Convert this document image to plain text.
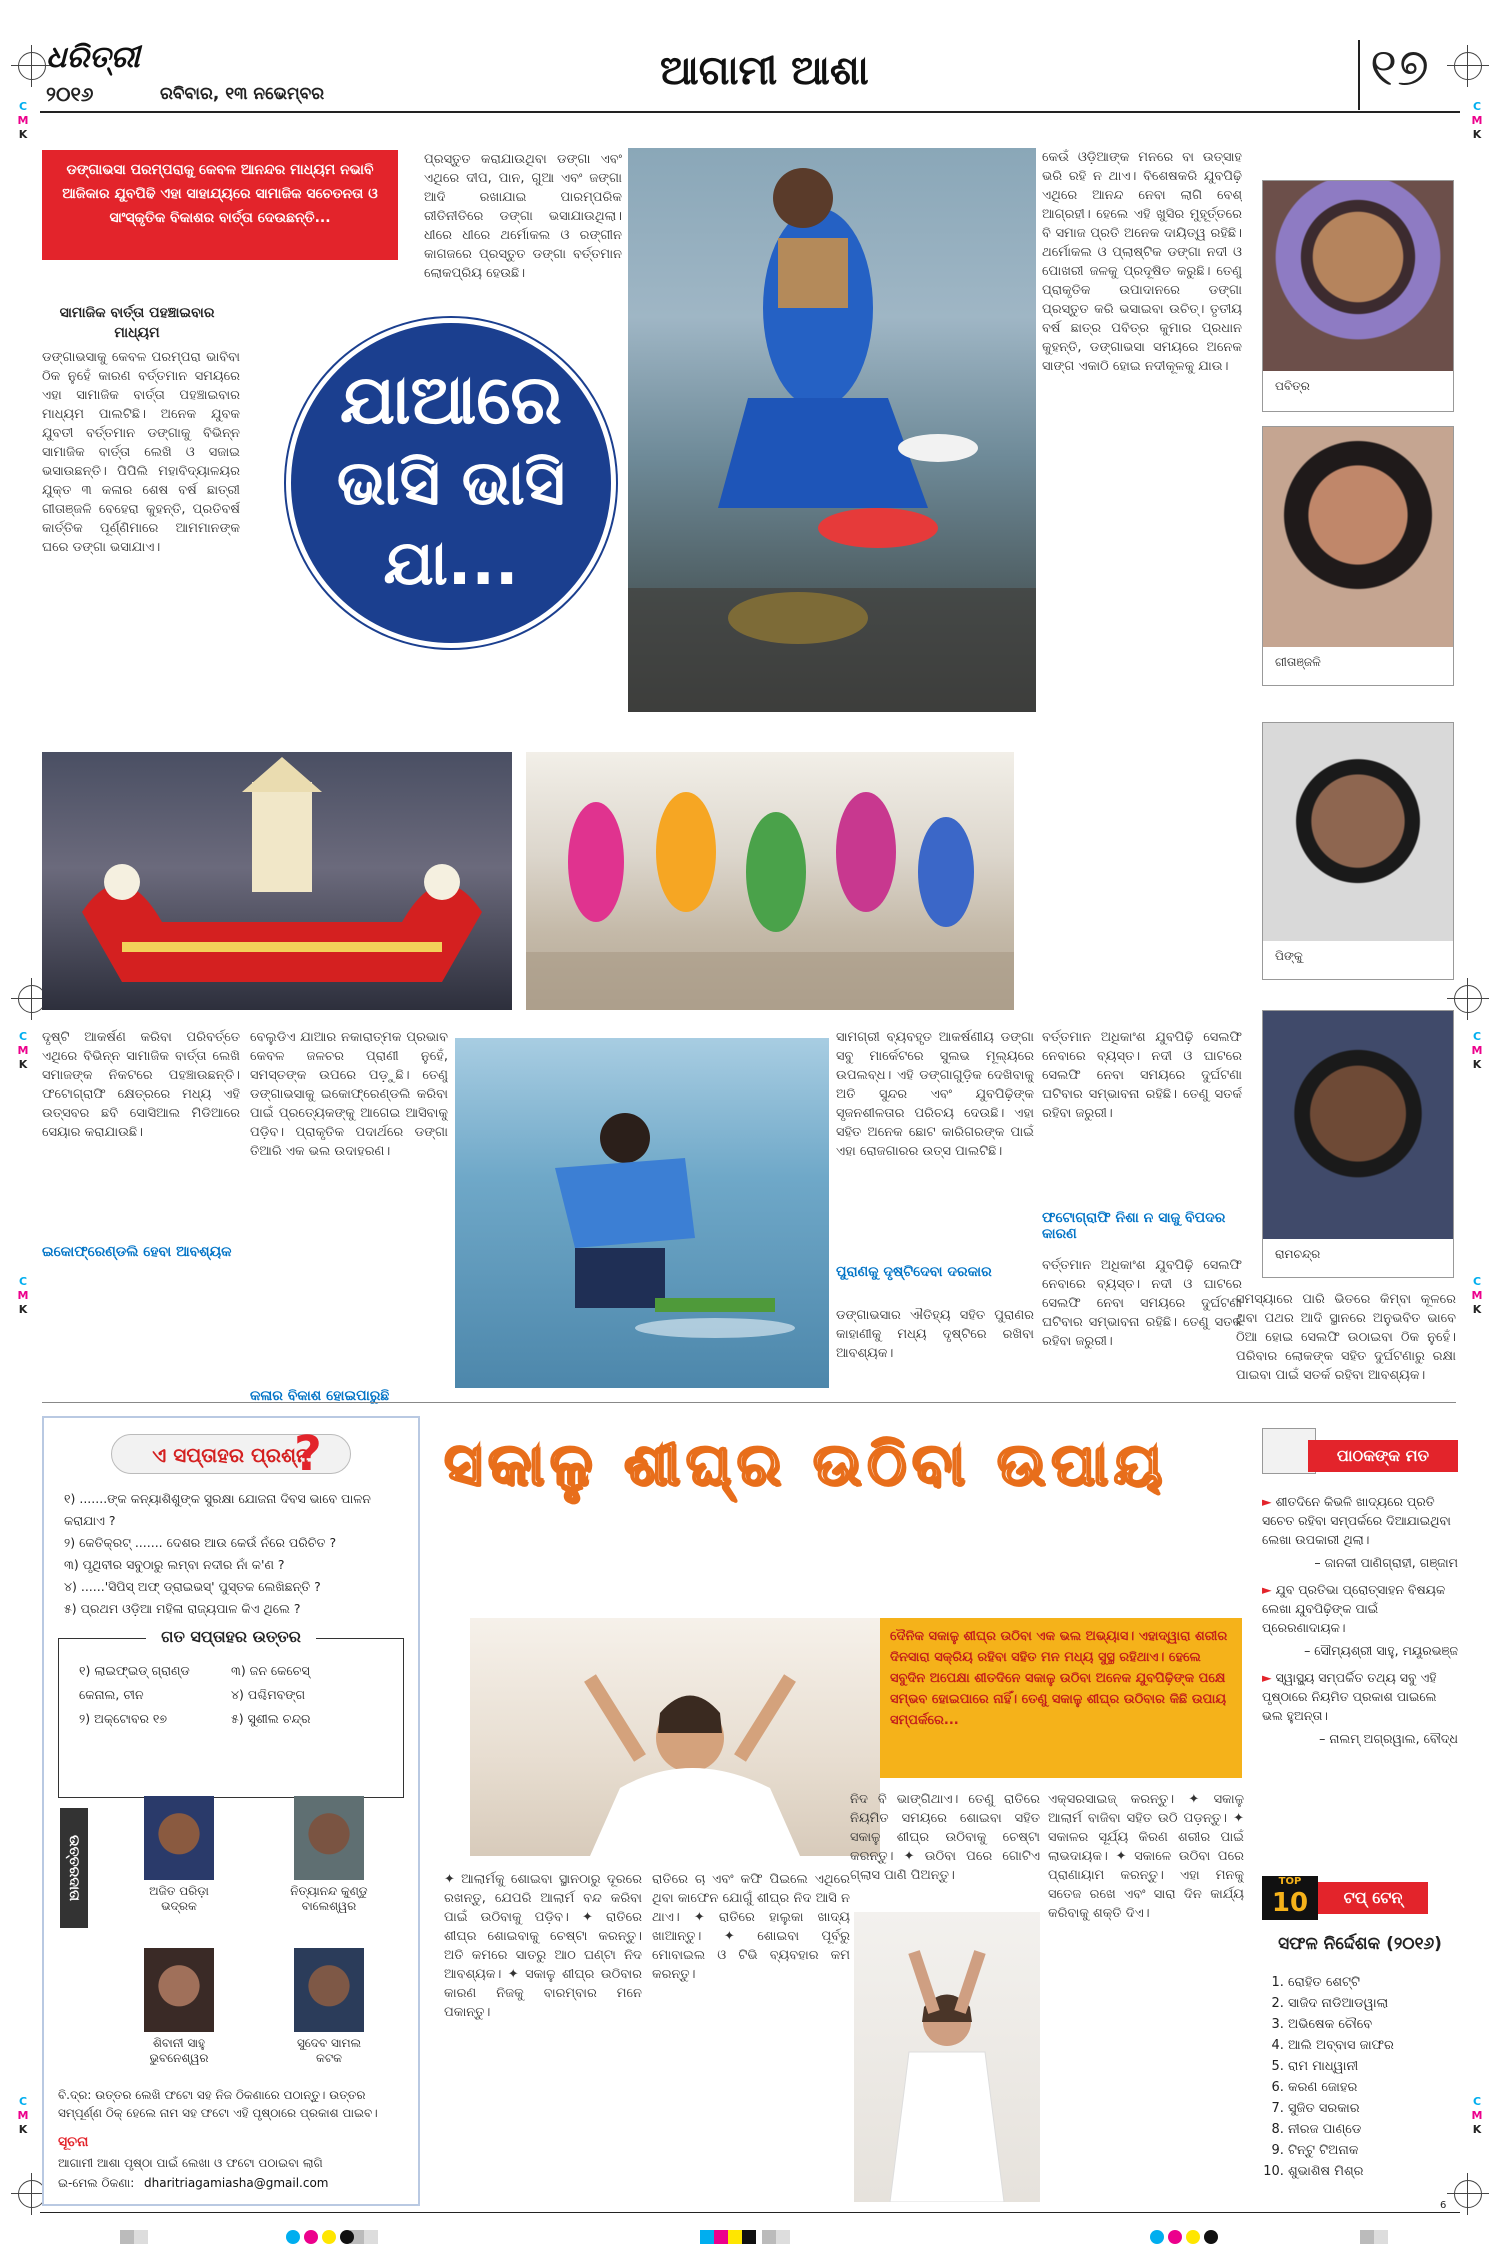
C
M
K
C
M
K
C
M
K
C
M
K
C
M
K
C
M
K
C
M
K
C
M
K
ଧରିତ୍ରୀ
୨୦୧୬	ରବିବାର, ୧୩ ନଭେମ୍ବର	ଆଗାମୀ ଆଶା	୧୭
ଡଙ୍ଗାଭସା ପରମ୍ପରାକୁ କେବଳ ଆନନ୍ଦର ମାଧ୍ୟମ ନଭାବି ଆଜିକାର ଯୁବପିଢି ଏହା ସାହାଯ୍ୟରେ ସାମାଜିକ ସଚେତନତା ଓ ସାଂସ୍କୃତିକ ବିକାଶର ବାର୍ତ୍ତା ଦେଉଛନ୍ତି...
ସାମାଜିକ ବାର୍ତ୍ତା ପହଞ୍ଚାଇବାର ମାଧ୍ୟମ
ଡଙ୍ଗାଭସାକୁ କେବଳ ପରମ୍ପରା ଭାବିବା ଠିକ ନୁହେଁ କାରଣ ବର୍ତ୍ତମାନ ସମୟରେ ଏହା ସାମାଜିକ ବାର୍ତ୍ତା ପହଞ୍ଚାଇବାର ମାଧ୍ୟମ ପାଲଟିଛି। ଅନେକ ଯୁବକ ଯୁବତୀ ବର୍ତ୍ତମାନ ଡଙ୍ଗାକୁ ବିଭିନ୍ନ ସାମାଜିକ ବାର୍ତ୍ତା ଲେଖି ଓ ସଜାଇ ଭସାଉଛନ୍ତି। ପିପିଲି ମହାବିଦ୍ୟାଳୟର ଯୁକ୍ତ ୩ କଳାର ଶେଷ ବର୍ଷ ଛାତ୍ରୀ ଗୀତାଞ୍ଜଳି ବେହେରା କୁହନ୍ତି, ପ୍ରତିବର୍ଷ କାର୍ତ୍ତିକ ପୂର୍ଣ୍ଣିମାରେ ଆମମାନଙ୍କ ଘରେ ଡଙ୍ଗା ଭସାଯାଏ।
ଯାଆରେ
ଭାସି ଭାସି
ଯା...
ପ୍ରସ୍ତୁତ କରାଯାଉଥିବା ଡଙ୍ଗା ଏବଂ ଏଥିରେ ଦୀପ, ପାନ, ଗୁଆ ଏବଂ ଜଙ୍ଗା ଆଦି ରଖାଯାଇ ପାରମ୍ପରିକ ରୀତିନୀତିରେ ଡଙ୍ଗା ଭସାଯାଉଥିଲା। ଧୀରେ ଧୀରେ ଥର୍ମୋକଲ ଓ ରଙ୍ଗୀନ କାଗଜରେ ପ୍ରସ୍ତୁତ ଡଙ୍ଗା ବର୍ତ୍ତମାନ ଲୋକପ୍ରିୟ ହେଉଛି।
କେଉଁ ଓଡ଼ିଆଙ୍କ ମନରେ ବା ଉତ୍ସାହ ଭରି ରହି ନ ଥାଏ। ବିଶେଷକରି ଯୁବପିଢ଼ି ଏଥିରେ ଆନନ୍ଦ ନେବା ଲାଗି ବେଶ୍ ଆଗ୍ରହୀ। ହେଲେ ଏହି ଖୁସିର ମୁହୂର୍ତ୍ତରେ ବି ସମାଜ ପ୍ରତି ଅନେକ ଦାୟିତ୍ୱ ରହିଛି। ଥର୍ମୋକଲ ଓ ପ୍ଲାଷ୍ଟିକ ଡଙ୍ଗା ନଦୀ ଓ ପୋଖରୀ ଜଳକୁ ପ୍ରଦୂଷିତ କରୁଛି। ତେଣୁ ପ୍ରାକୃତିକ ଉପାଦାନରେ ଡଙ୍ଗା ପ୍ରସ୍ତୁତ କରି ଭସାଇବା ଉଚିତ୍। ତୃତୀୟ ବର୍ଷ ଛାତ୍ର ପବିତ୍ର କୁମାର ପ୍ରଧାନ କୁହନ୍ତି, ଡଙ୍ଗାଭସା ସମୟରେ ଅନେକ ସାଙ୍ଗ ଏକାଠି ହୋଇ ନଦୀକୂଳକୁ ଯାଉ।
ପବିତ୍ର
ଗୀତାଞ୍ଜଳି
ପିଙ୍କୁ
ରାମଚନ୍ଦ୍ର
ଦୃଷ୍ଟି ଆକର୍ଷଣ କରିବା ପରିବର୍ତ୍ତେ ଏଥିରେ ବିଭିନ୍ନ ସାମାଜିକ ବାର୍ତ୍ତା ଲେଖି ସମାଜଙ୍କ ନିକଟରେ ପହଞ୍ଚାଉଛନ୍ତି। ଫଟୋଗ୍ରାଫି କ୍ଷେତ୍ରରେ ମଧ୍ୟ ଏହି ଉତ୍ସବର ଛବି ସୋସିଆଲ ମିଡିଆରେ ସେୟାର କରାଯାଉଛି।
ଇକୋଫ୍ରେଣ୍ଡଲି ହେବା ଆବଶ୍ୟକ
ବେଲୁଡିଏ ଯାଆର ନକାରାତ୍ମକ ପ୍ରଭାବ କେବଳ ଜଳଚର ପ୍ରାଣୀ ନୁହେଁ, ସମସ୍ତଙ୍କ ଉପରେ ପଡ଼ୁଛି। ତେଣୁ ଡଙ୍ଗାଭସାକୁ ଇକୋଫ୍ରେଣ୍ଡଲି କରିବା ପାଇଁ ପ୍ରତ୍ୟେକଙ୍କୁ ଆଗେଇ ଆସିବାକୁ ପଡ଼ିବ। ପ୍ରାକୃତିକ ପଦାର୍ଥରେ ଡଙ୍ଗା ତିଆରି ଏକ ଭଲ ଉଦାହରଣ।
କଳାର ବିକାଶ ହୋଇପାରୁଛି
ସାମଗ୍ରୀ ବ୍ୟବହୃତ ଆକର୍ଷଣୀୟ ଡଙ୍ଗା ସବୁ ମାର୍କେଟରେ ସୁଲଭ ମୂଲ୍ୟରେ ଉପଲବ୍ଧ। ଏହି ଡଙ୍ଗାଗୁଡ଼ିକ ଦେଖିବାକୁ ଅତି ସୁନ୍ଦର ଏବଂ ଯୁବପିଢ଼ିଙ୍କ ସୃଜନଶୀଳତାର ପରିଚୟ ଦେଉଛି। ଏହା ସହିତ ଅନେକ ଛୋଟ କାରିଗରଙ୍କ ପାଇଁ ଏହା ରୋଜଗାରର ଉତ୍ସ ପାଲଟିଛି।
ପୁରାଣକୁ ଦୃଷ୍ଟିଦେବା ଦରକାର
ଡଙ୍ଗାଭସାର ଐତିହ୍ୟ ସହିତ ପୁରାଣର କାହାଣୀକୁ ମଧ୍ୟ ଦୃଷ୍ଟିରେ ରଖିବା ଆବଶ୍ୟକ।
ଫଟୋଗ୍ରାଫି ନିଶା ନ ସାଜୁ ବିପଦର କାରଣ
ବର୍ତ୍ତମାନ ଅଧିକାଂଶ ଯୁବପିଢ଼ି ସେଲଫି ନେବାରେ ବ୍ୟସ୍ତ। ନଦୀ ଓ ଘାଟରେ ସେଲଫି ନେବା ସମୟରେ ଦୁର୍ଘଟଣା ଘଟିବାର ସମ୍ଭାବନା ରହିଛି। ତେଣୁ ସତର୍କ ରହିବା ଜରୁରୀ।
ବର୍ତ୍ତମାନ ଅଧିକାଂଶ ଯୁବପିଢ଼ି ସେଲଫି ନେବାରେ ବ୍ୟସ୍ତ। ନଦୀ ଓ ଘାଟରେ ସେଲଫି ନେବା ସମୟରେ ଦୁର୍ଘଟଣା ଘଟିବାର ସମ୍ଭାବନା ରହିଛି। ତେଣୁ ସତର୍କ ରହିବା ଜରୁରୀ।
ସମସ୍ୟାରେ ପାରି ଭିତରେ କିମ୍ବା କୂଳରେ ଥିବା ପଥର ଆଦି ସ୍ଥାନରେ ଅନୁଭବିତ ଭାବେ ଠିଆ ହୋଇ ସେଲଫି ଉଠାଇବା ଠିକ ନୁହେଁ। ପରିବାର ଲୋକଙ୍କ ସହିତ ଦୁର୍ଘଟଣାରୁ ରକ୍ଷା ପାଇବା ପାଇଁ ସତର୍କ ରହିବା ଆବଶ୍ୟକ।
ଏ ସପ୍ତାହର ପ୍ରଶ୍ନ
?
୧) .......ଙ୍କ କନ୍ୟାଶିଶୁଙ୍କ ସୁରକ୍ଷା ଯୋଜନା ଦିବସ ଭାବେ ପାଳନ କରାଯାଏ ?
୨) କେତିକ୍ରଟ୍ ....... ଦେଶର ଆଉ କେଉଁ ନଁରେ ପରିଚିତ ?
୩) ପୃଥିବୀର ସବୁଠାରୁ ଲମ୍ବା ନଦୀର ନାଁ କ'ଣ ?
୪) ......'ସିପିସ୍ ଅଫ୍ ଡ୍ରାଇଭସ୍' ପୁସ୍ତକ ଲେଖିଛନ୍ତି ?
୫) ପ୍ରଥମ ଓଡ଼ିଆ ମହିଳା ରାଜ୍ୟପାଳ କିଏ ଥିଲେ ?
ଗତ ସପ୍ତାହର ଉତ୍ତର
୧) ଲାଇଫ୍‌ଇଡ୍ ଗ୍ରାଣ୍ଡ କେନାଲ, ଚୀନ
୨) ଅକ୍ଟୋବର ୧୭
୩) ଜନ କେଚେସ୍
୪) ପଶ୍ଚିମବଙ୍ଗ
୫) ସୁଶୀଲ ଚନ୍ଦ୍ର
ଉତ୍ତରଦାତା	ଅଜିତ ପରିଡ଼ା
ଭଦ୍ରକ
ନିତ୍ୟାନନ୍ଦ କୁଣ୍ଡୁ
ବାଲେଶ୍ୱର
ଶିବାନୀ ସାହୁ
ଭୁବନେଶ୍ୱର
ସୁଦେବ ସାମଲ
କଟକ
ବି.ଦ୍ର: ଉତ୍ତର ଲେଖି ଫଟୋ ସହ ନିଜ ଠିକଣାରେ ପଠାନ୍ତୁ। ଉତ୍ତର ସମ୍ପୂର୍ଣ୍ଣ ଠିକ୍ ହେଲେ ନାମ ସହ ଫଟୋ ଏହି ପୃଷ୍ଠାରେ ପ୍ରକାଶ ପାଇବ।
ସୂଚନା
ଆଗାମୀ ଆଶା ପୃଷ୍ଠା ପାଇଁ ଲେଖା ଓ ଫଟୋ ପଠାଇବା ଲାଗି
ଇ-ମେଲ ଠିକଣା: dharitriagamiasha@gmail.com
ସକାଳୁ ଶୀଘ୍ର ଉଠିବା ଉପାୟ
ଦୈନିକ ସକାଳୁ ଶୀଘ୍ର ଉଠିବା ଏକ ଭଲ ଅଭ୍ୟାସ। ଏହାଦ୍ୱାରା ଶରୀର ଦିନସାରା ସକ୍ରିୟ ରହିବା ସହିତ ମନ ମଧ୍ୟ ସୁସ୍ଥ ରହିଥାଏ। ହେଲେ ସବୁଦିନ ଅପେକ୍ଷା ଶୀତଦିନେ ସକାଳୁ ଉଠିବା ଅନେକ ଯୁବପିଢ଼ିଙ୍କ ପକ୍ଷେ ସମ୍ଭବ ହୋଇପାରେ ନାହିଁ। ତେଣୁ ସକାଳୁ ଶୀଘ୍ର ଉଠିବାର କିଛି ଉପାୟ ସମ୍ପର୍କରେ...
✦ ଆଲାର୍ମକୁ ଶୋଇବା ସ୍ଥାନଠାରୁ ଦୂରରେ ରଖନ୍ତୁ, ଯେପରି ଆଲାର୍ମ ବନ୍ଦ କରିବା ପାଇଁ ଉଠିବାକୁ ପଡ଼ିବ। ✦ ରାତିରେ ଶୀଘ୍ର ଶୋଇବାକୁ ଚେଷ୍ଟା କରନ୍ତୁ। ଅତି କମରେ ସାତରୁ ଆଠ ଘଣ୍ଟା ନିଦ ଆବଶ୍ୟକ। ✦ ସକାଳୁ ଶୀଘ୍ର ଉଠିବାର କାରଣ ନିଜକୁ ବାରମ୍ବାର ମନେ ପକାନ୍ତୁ।
ରାତିରେ ଚା ଏବଂ କଫି ପିଇଲେ ଏଥିରେ ଥିବା କାଫେନ ଯୋଗୁଁ ଶୀଘ୍ର ନିଦ ଆସି ନ ଥାଏ। ✦ ରାତିରେ ହାଲୁକା ଖାଦ୍ୟ ଖାଆନ୍ତୁ। ✦ ଶୋଇବା ପୂର୍ବରୁ ମୋବାଇଲ ଓ ଟିଭି ବ୍ୟବହାର କମ କରନ୍ତୁ।
ନିଦ ବି ଭାଙ୍ଗିଥାଏ। ତେଣୁ ରାତିରେ ନିୟମିତ ସମୟରେ ଶୋଇବା ସହିତ ସକାଳୁ ଶୀଘ୍ର ଉଠିବାକୁ ଚେଷ୍ଟା କରନ୍ତୁ। ✦ ଉଠିବା ପରେ ଗୋଟିଏ ଗ୍ଲାସ ପାଣି ପିଅନ୍ତୁ।
ଏକ୍ସରସାଇଜ୍ କରନ୍ତୁ। ✦ ସକାଳୁ ଆଲାର୍ମ ବାଜିବା ସହିତ ଉଠି ପଡ଼ନ୍ତୁ। ✦ ସକାଳର ସୂର୍ଯ୍ୟ କିରଣ ଶରୀର ପାଇଁ ଲାଭଦାୟକ। ✦ ସକାଳେ ଉଠିବା ପରେ ପ୍ରାଣାୟାମ କରନ୍ତୁ। ଏହା ମନକୁ ସତେଜ ରଖେ ଏବଂ ସାରା ଦିନ କାର୍ଯ୍ୟ କରିବାକୁ ଶକ୍ତି ଦିଏ।
ପାଠକଙ୍କ ମତ
► ଶୀତଦିନେ କିଭଳି ଖାଦ୍ୟରେ ପ୍ରତି ସଚେତ ରହିବା ସମ୍ପର୍କରେ ଦିଆଯାଇଥିବା ଲେଖା ଉପକାରୀ ଥିଲା।
– ଜାନକୀ ପାଣିଗ୍ରାହୀ, ଗଞ୍ଜାମ
► ଯୁବ ପ୍ରତିଭା ପ୍ରୋତ୍ସାହନ ବିଷୟକ ଲେଖା ଯୁବପିଢ଼ିଙ୍କ ପାଇଁ ପ୍ରେରଣାଦାୟକ।
– ସୌମ୍ୟଶ୍ରୀ ସାହୁ, ମୟୂରଭଞ୍ଜ
► ସ୍ୱାସ୍ଥ୍ୟ ସମ୍ପର୍କିତ ତଥ୍ୟ ସବୁ ଏହି ପୃଷ୍ଠାରେ ନିୟମିତ ପ୍ରକାଶ ପାଇଲେ ଭଲ ହୁଅନ୍ତା।
– ନାଲମ୍ ଅଗ୍ରୱାଲ, ବୌଦ୍ଧ
TOP
10	ଟପ୍ ଟେନ୍
ସଫଳ ନିର୍ଦ୍ଦେଶକ (୨୦୧୬)
1. ରୋହିତ ଶେଟ୍ଟି
2. ସାଜିଦ ନାଡିଆଡୱାଲା
3. ଅଭିଷେକ ଚୌବେ
4. ଆଲି ଅବ୍ବାସ ଜାଫର
5. ରାମ ମାଧ୍ୱାନୀ
6. କରଣ ଜୋହର
7. ସୁଜିତ ସରକାର
8. ନୀରଜ ପାଣ୍ଡେ
9. ଟିନ୍‌ଟୁ ଟିଅନାକ
10. ଶୁଭାଶିଷ ମିଶ୍ର
6
